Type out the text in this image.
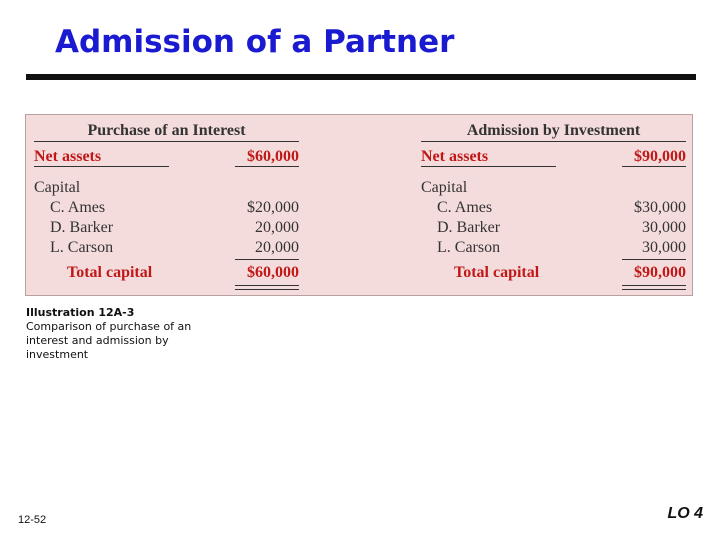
Admission of a Partner
Purchase of an Interest
Net assets	$60,000
Capital
C. Ames	$20,000
D. Barker	20,000
L. Carson	20,000
Total capital	$60,000
Admission by Investment
Net assets	$90,000
Capital
C. Ames	$30,000
D. Barker	30,000
L. Carson	30,000
Total capital	$90,000
Illustration 12A-3
Comparison of purchase of an interest and admission by investment
12-52	LO 4
